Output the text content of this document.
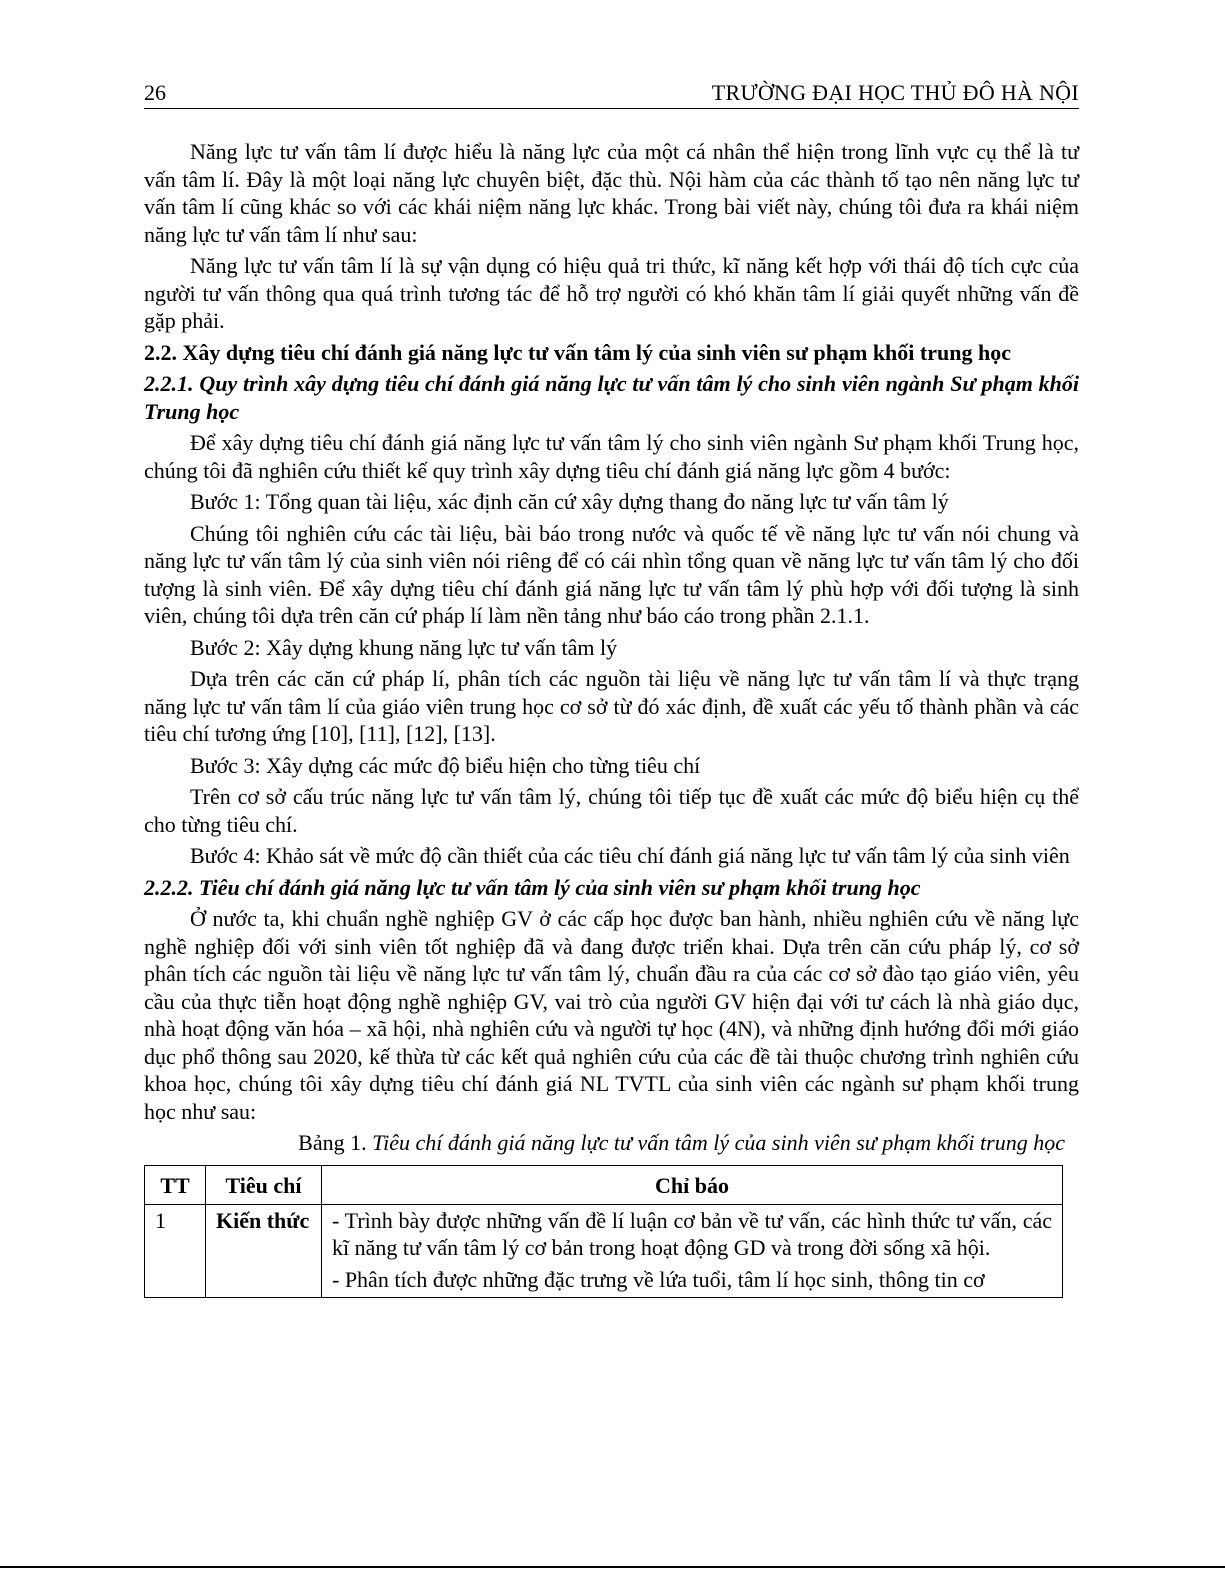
26	TRƯỜNG ĐẠI HỌC THỦ ĐÔ HÀ NỘI

Năng lực tư vấn tâm lí được hiểu là năng lực của một cá nhân thể hiện trong lĩnh vực cụ thể là tư vấn tâm lí. Đây là một loại năng lực chuyên biệt, đặc thù. Nội hàm của các thành tố tạo nên năng lực tư vấn tâm lí cũng khác so với các khái niệm năng lực khác. Trong bài viết này, chúng tôi đưa ra khái niệm năng lực tư vấn tâm lí như sau:

Năng lực tư vấn tâm lí là sự vận dụng có hiệu quả tri thức, kĩ năng kết hợp với thái độ tích cực của người tư vấn thông qua quá trình tương tác để hỗ trợ người có khó khăn tâm lí giải quyết những vấn đề gặp phải.

2.2. Xây dựng tiêu chí đánh giá năng lực tư vấn tâm lý của sinh viên sư phạm khối trung học

2.2.1. Quy trình xây dựng tiêu chí đánh giá năng lực tư vấn tâm lý cho sinh viên ngành Sư phạm khối Trung học

Để xây dựng tiêu chí đánh giá năng lực tư vấn tâm lý cho sinh viên ngành Sư phạm khối Trung học, chúng tôi đã nghiên cứu thiết kế quy trình xây dựng tiêu chí đánh giá năng lực gồm 4 bước:

Bước 1: Tổng quan tài liệu, xác định căn cứ xây dựng thang đo năng lực tư vấn tâm lý

Chúng tôi nghiên cứu các tài liệu, bài báo trong nước và quốc tế về năng lực tư vấn nói chung và năng lực tư vấn tâm lý của sinh viên nói riêng để có cái nhìn tổng quan về năng lực tư vấn tâm lý cho đối tượng là sinh viên. Để xây dựng tiêu chí đánh giá năng lực tư vấn tâm lý phù hợp với đối tượng là sinh viên, chúng tôi dựa trên căn cứ pháp lí làm nền tảng như báo cáo trong phần 2.1.1.

Bước 2: Xây dựng khung năng lực tư vấn tâm lý

Dựa trên các căn cứ pháp lí, phân tích các nguồn tài liệu về năng lực tư vấn tâm lí và thực trạng năng lực tư vấn tâm lí của giáo viên trung học cơ sở từ đó xác định, đề xuất các yếu tố thành phần và các tiêu chí tương ứng [10], [11], [12], [13].

Bước 3: Xây dựng các mức độ biểu hiện cho từng tiêu chí

Trên cơ sở cấu trúc năng lực tư vấn tâm lý, chúng tôi tiếp tục đề xuất các mức độ biểu hiện cụ thể cho từng tiêu chí.

Bước 4: Khảo sát về mức độ cần thiết của các tiêu chí đánh giá năng lực tư vấn tâm lý của sinh viên

2.2.2. Tiêu chí đánh giá năng lực tư vấn tâm lý của sinh viên sư phạm khối trung học

Ở nước ta, khi chuẩn nghề nghiệp GV ở các cấp học được ban hành, nhiều nghiên cứu về năng lực nghề nghiệp đối với sinh viên tốt nghiệp đã và đang được triển khai. Dựa trên căn cứu pháp lý, cơ sở phân tích các nguồn tài liệu về năng lực tư vấn tâm lý, chuẩn đầu ra của các cơ sở đào tạo giáo viên, yêu cầu của thực tiễn hoạt động nghề nghiệp GV, vai trò của người GV hiện đại với tư cách là nhà giáo dục, nhà hoạt động văn hóa – xã hội, nhà nghiên cứu và người tự học (4N), và những định hướng đổi mới giáo dục phổ thông sau 2020, kế thừa từ các kết quả nghiên cứu của các đề tài thuộc chương trình nghiên cứu khoa học, chúng tôi xây dựng tiêu chí đánh giá NL TVTL của sinh viên các ngành sư phạm khối trung học như sau:

Bảng 1. Tiêu chí đánh giá năng lực tư vấn tâm lý của sinh viên sư phạm khối trung học

TT	Tiêu chí	Chỉ báo
1	Kiến thức	- Trình bày được những vấn đề lí luận cơ bản về tư vấn, các hình thức tư vấn, các kĩ năng tư vấn tâm lý cơ bản trong hoạt động GD và trong đời sống xã hội.
- Phân tích được những đặc trưng về lứa tuổi, tâm lí học sinh, thông tin cơ
